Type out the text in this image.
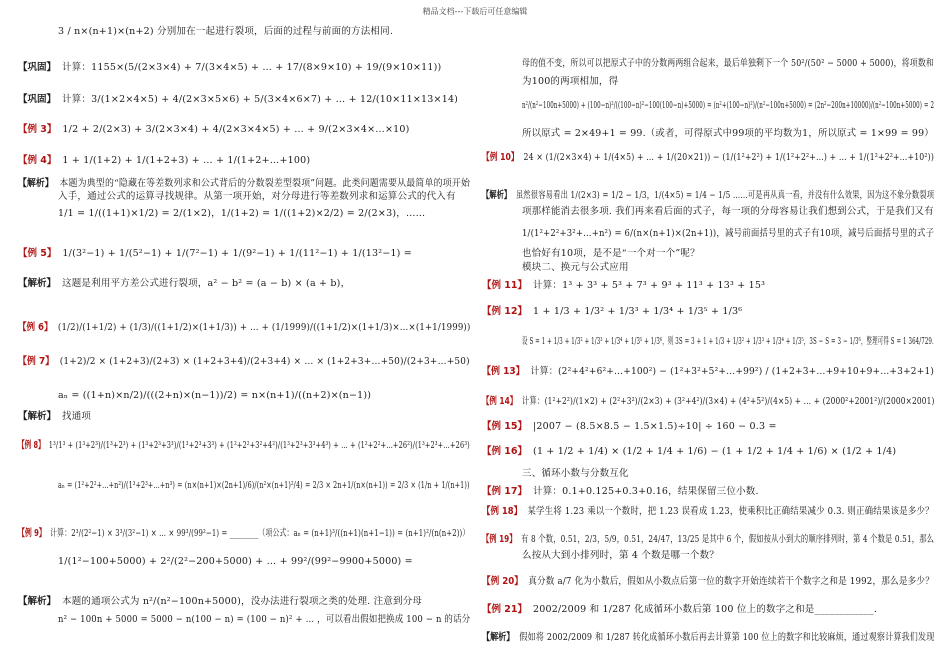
精品文档---下载后可任意编辑
3 / n×(n+1)×(n+2) 分别加在一起进行裂项，后面的过程与前面的方法相同.
【巩固】 计算：1155×(5/(2×3×4) + 7/(3×4×5) + … + 17/(8×9×10) + 19/(9×10×11))
【巩固】 计算：3/(1×2×4×5) + 4/(2×3×5×6) + 5/(3×4×6×7) + … + 12/(10×11×13×14)
【例 3】 1/2 + 2/(2×3) + 3/(2×3×4) + 4/(2×3×4×5) + … + 9/(2×3×4×…×10)
【例 4】 1 + 1/(1+2) + 1/(1+2+3) + … + 1/(1+2+…+100)
【解析】 本题为典型的“隐藏在等差数列求和公式背后的分数裂差型裂项”问题。此类问题需要从最简单的项开始
入手，通过公式的运算寻找规律。从第一项开始，对分母进行等差数列求和运算公式的代入有
1/1 = 1/((1+1)×1/2) = 2/(1×2)，1/(1+2) = 1/((1+2)×2/2) = 2/(2×3)，……
【例 5】 1/(3²−1) + 1/(5²−1) + 1/(7²−1) + 1/(9²−1) + 1/(11²−1) + 1/(13²−1) =
【解析】 这题是利用平方差公式进行裂项，a² − b² = (a − b) × (a + b)，
【例 6】 (1/2)/(1+1/2) + (1/3)/((1+1/2)×(1+1/3)) + … + (1/1999)/((1+1/2)×(1+1/3)×…×(1+1/1999))
【例 7】 (1+2)/2 × (1+2+3)/(2+3) × (1+2+3+4)/(2+3+4) × … × (1+2+3+…+50)/(2+3+…+50)
aₙ = ((1+n)×n/2)/(((2+n)×(n−1))/2) = n×(n+1)/((n+2)×(n−1))
【解析】 找通项
【例 8】 1³/1³ + (1³+2³)/(1³+2³) + (1³+2³+3³)/(1³+2³+3³) + (1²+2²+3²+4²)/(1³+2³+3³+4³) + … + (1²+2²+…+26²)/(1³+2³+…+26³)
aₙ = (1²+2²+…+n²)/(1³+2³+…+n³) = (n×(n+1)×(2n+1)/6)/(n²×(n+1)²/4) = 2/3 × 2n+1/(n×(n+1)) = 2/3 × (1/n + 1/(n+1))
【例 9】 计算：2³/(2²−1) × 3³/(3²−1) × … × 99³/(99²−1) = ________（项公式：aₙ = (n+1)³/((n+1)(n+1−1)) = (n+1)²/(n(n+2))）
1/(1²−100+5000) + 2²/(2²−200+5000) + … + 99²/(99²−9900+5000) =
【解析】 本题的通项公式为 n²/(n²−100n+5000)，没办法进行裂项之类的处理. 注意到分母
n² − 100n + 5000 = 5000 − n(100 − n) = (100 − n)² + … ，可以看出假如把换成 100 − n 的话分
母的值不变，所以可以把原式子中的分数两两组合起来，最后单独剩下一个 50²/(50² − 5000 + 5000)，将项数和
为100的两项相加，得
n²/(n²−100n+5000) + (100−n)²/((100−n)²−100(100−n)+5000) = (n²+(100−n)²)/(n²−100n+5000) = (2n²−200n+10000)/(n²−100n+5000) = 2
所以原式 = 2×49+1 = 99.（或者，可得原式中99项的平均数为1，所以原式 = 1×99 = 99）
【例 10】 24 × (1/(2×3×4) + 1/(4×5) + … + 1/(20×21)) − (1/(1²+2²) + 1/(1²+2²+…) + … + 1/(1²+2²+…+10²))
【解析】 虽然很容易看出 1/(2×3) = 1/2 − 1/3，1/(4×5) = 1/4 − 1/5 ……可是再从真一看，并没有什么效果，因为这不象分数裂项
项那样能消去很多项. 我们再来看后面的式子，每一项的分母容易让我们想到公式，于是我们又有
1/(1²+2²+3²+…+n²) = 6/(n×(n+1)×(2n+1))，减号前面括号里的式子有10项，减号后面括号里的式子
也恰好有10项，是不是“一个对一个”呢？
模块二、换元与公式应用
【例 11】 计算：1³ + 3³ + 5³ + 7³ + 9³ + 11³ + 13³ + 15³
【例 12】 1 + 1/3 + 1/3² + 1/3³ + 1/3⁴ + 1/3⁵ + 1/3⁶
设 S = 1 + 1/3 + 1/3² + 1/3³ + 1/3⁴ + 1/3⁵ + 1/3⁶，则 3S = 3 + 1 + 1/3 + 1/3² + 1/3³ + 1/3⁴ + 1/3⁵，3S − S = 3 − 1/3⁶，整理可得 S = 1 364/729.
【例 13】 计算：(2²+4²+6²+…+100²) − (1²+3²+5²+…+99²) / (1+2+3+…+9+10+9+…+3+2+1)
【例 14】 计算：(1²+2²)/(1×2) + (2²+3²)/(2×3) + (3²+4²)/(3×4) + (4²+5²)/(4×5) + … + (2000²+2001²)/(2000×2001)
【例 15】 |2007 − (8.5×8.5 − 1.5×1.5)÷10| ÷ 160 − 0.3 =
【例 16】 (1 + 1/2 + 1/4) × (1/2 + 1/4 + 1/6) − (1 + 1/2 + 1/4 + 1/6) × (1/2 + 1/4)
三、循环小数与分数互化
【例 17】 计算：0.1+0.125+0.3+0.16，结果保留三位小数.
【例 18】 某学生将 1.23 乘以一个数时，把 1.23 误看成 1.23，使乘积比正确结果减少 0.3. 则正确结果该是多少？
【例 19】 有 8 个数，0.51，2/3，5/9，0.51，24/47，13/25 是其中 6 个，假如按从小到大的顺序排列时，第 4 个数是 0.51，那么
么按从大到小排列时，第 4 个数是哪一个数？
【例 20】 真分数 a/7 化为小数后，假如从小数点后第一位的数字开始连续若干个数字之和是 1992，那么是多少？
【例 21】 2002/2009 和 1/287 化成循环小数后第 100 位上的数字之和是____________.
【解析】 假如将 2002/2009 和 1/287 转化成循环小数后再去计算第 100 位上的数字和比较麻烦，通过观察计算我们发现
